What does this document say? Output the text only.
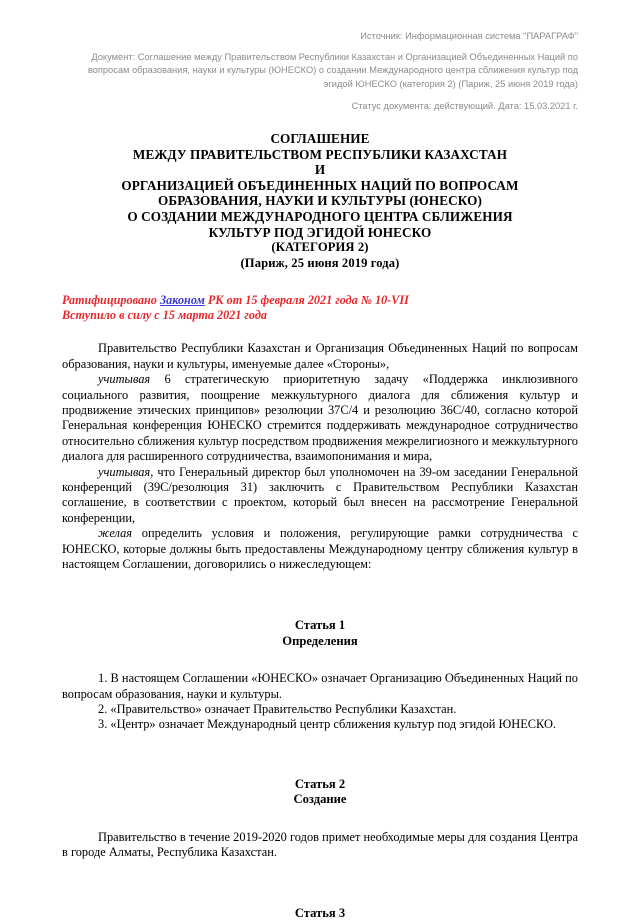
Источник: Информационная система "ПАРАГРАФ"

Документ: Соглашение между Правительством Республики Казахстан и Организацией Объединенных Наций по вопросам образования, науки и культуры (ЮНЕСКО) о создании Международного центра сближения культур под эгидой ЮНЕСКО (категория 2) (Париж, 25 июня 2019 года)

Статус документа: действующий. Дата: 15.03.2021 г.

СОГЛАШЕНИЕ
МЕЖДУ ПРАВИТЕЛЬСТВОМ РЕСПУБЛИКИ КАЗАХСТАН
И
ОРГАНИЗАЦИЕЙ ОБЪЕДИНЕННЫХ НАЦИЙ ПО ВОПРОСАМ
ОБРАЗОВАНИЯ, НАУКИ И КУЛЬТУРЫ (ЮНЕСКО)
О СОЗДАНИИ МЕЖДУНАРОДНОГО ЦЕНТРА СБЛИЖЕНИЯ
КУЛЬТУР ПОД ЭГИДОЙ ЮНЕСКО
(КАТЕГОРИЯ 2)
(Париж, 25 июня 2019 года)
Ратифицировано Законом РК от 15 февраля 2021 года № 10-VII
Вступило в силу с 15 марта 2021 года

Правительство Республики Казахстан и Организация Объединенных Наций по вопросам образования, науки и культуры, именуемые далее «Стороны»,

учитывая 6 стратегическую приоритетную задачу «Поддержка инклюзивного социального развития, поощрение межкультурного диалога для сближения культур и продвижение этических принципов» резолюции 37С/4 и резолюцию 36С/40, согласно которой Генеральная конференция ЮНЕСКО стремится поддерживать международное сотрудничество относительно сближения культур посредством продвижения межрелигиозного и межкультурного диалога для расширенного сотрудничества, взаимопонимания и мира,

учитывая, что Генеральный директор был уполномочен на 39-ом заседании Генеральной конференций (39С/резолюция 31) заключить с Правительством Республики Казахстан соглашение, в соответствии с проектом, который был внесен на рассмотрение Генеральной конференции,

желая определить условия и положения, регулирующие рамки сотрудничества с ЮНЕСКО, которые должны быть предоставлены Международному центру сближения культур в настоящем Соглашении, договорились о нижеследующем:

Статья 1
Определения

1. В настоящем Соглашении «ЮНЕСКО» означает Организацию Объединенных Наций по вопросам образования, науки и культуры.

2. «Правительство» означает Правительство Республики Казахстан.

3. «Центр» означает Международный центр сближения культур под эгидой ЮНЕСКО.

Статья 2
Создание

Правительство в течение 2019-2020 годов примет необходимые меры для создания Центра в городе Алматы, Республика Казахстан.

Статья 3
